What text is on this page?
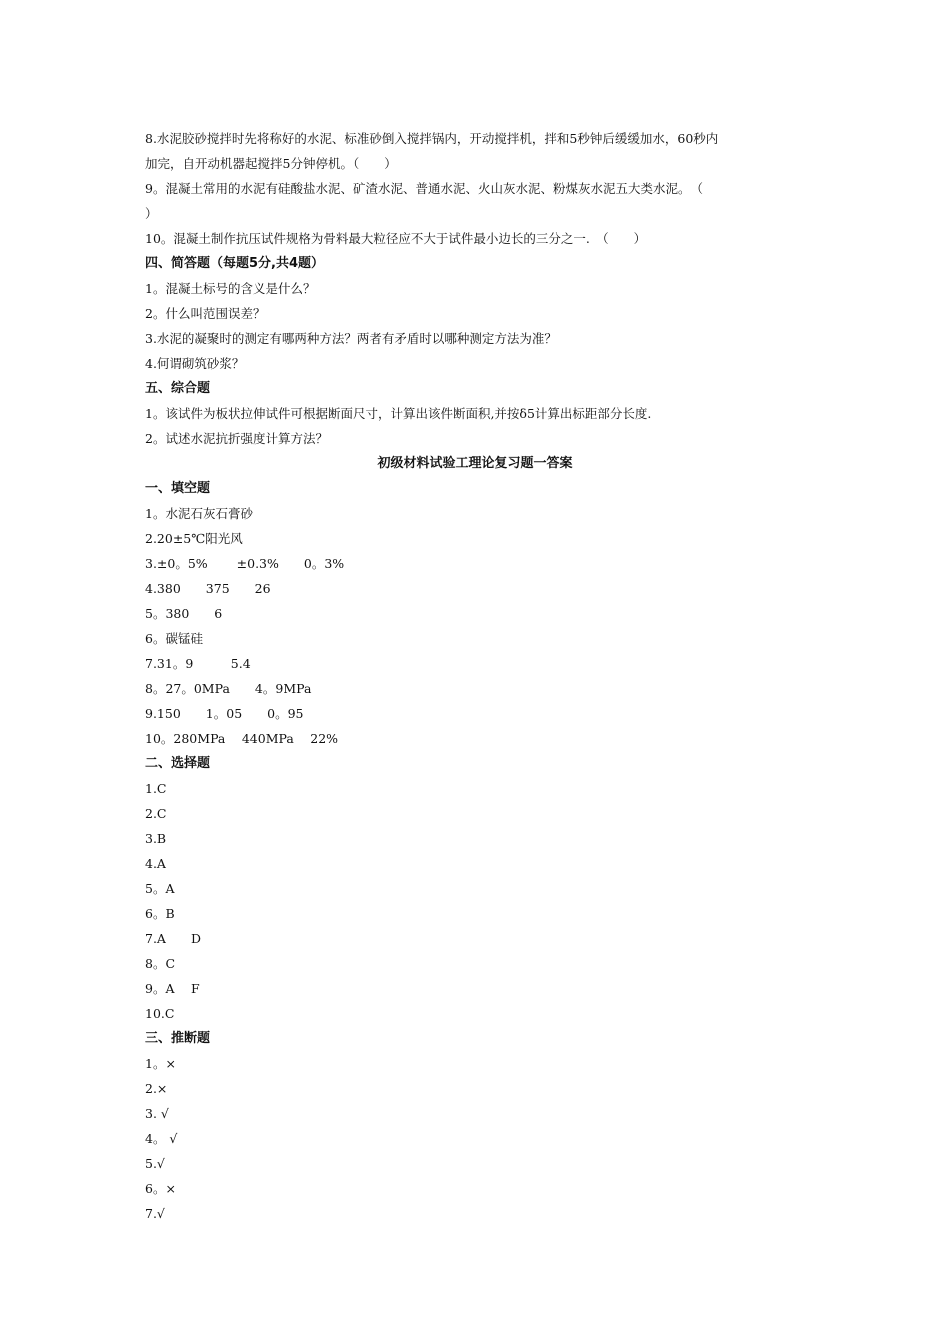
8.水泥胶砂搅拌时先将称好的水泥、标准砂倒入搅拌锅内，开动搅拌机，拌和5秒钟后缓缓加水，60秒内
加完，自开动机器起搅拌5分钟停机。（　　）
9。混凝土常用的水泥有硅酸盐水泥、矿渣水泥、普通水泥、火山灰水泥、粉煤灰水泥五大类水泥。　（
）
10。混凝土制作抗压试件规格为骨料最大粒径应不大于试件最小边长的三分之一.　（　　）
四、简答题（每题5分,共4题）
1。混凝土标号的含义是什么？
2。什么叫范围误差？
3.水泥的凝聚时的测定有哪两种方法？两者有矛盾时以哪种测定方法为准？
4.何谓砌筑砂浆？
五、综合题
1。该试件为板状拉伸试件可根据断面尺寸，计算出该件断面积,并按δ5计算出标距部分长度.
2。试述水泥抗折强度计算方法？
初级材料试验工理论复习题一答案
一、填空题
1。水泥石灰石膏砂
2.20±5℃阳光风
3.±0。5%　　 ±0.3%　　0。3%
4.380　　375　　26
5。380　　6
6。碳锰硅
7.31。9　　　5.4
8。27。0MPa　　4。9MPa
9.150　　1。05　　0。95
10。280MPa　 440MPa　 22%
二、选择题
1.C
2.C
3.B
4.A
5。A
6。B
7.A　　D
8。C
9。A　 F
10.C
三、推断题
1。×
2.×
3. √
4。 √
5.√
6。×
7.√
